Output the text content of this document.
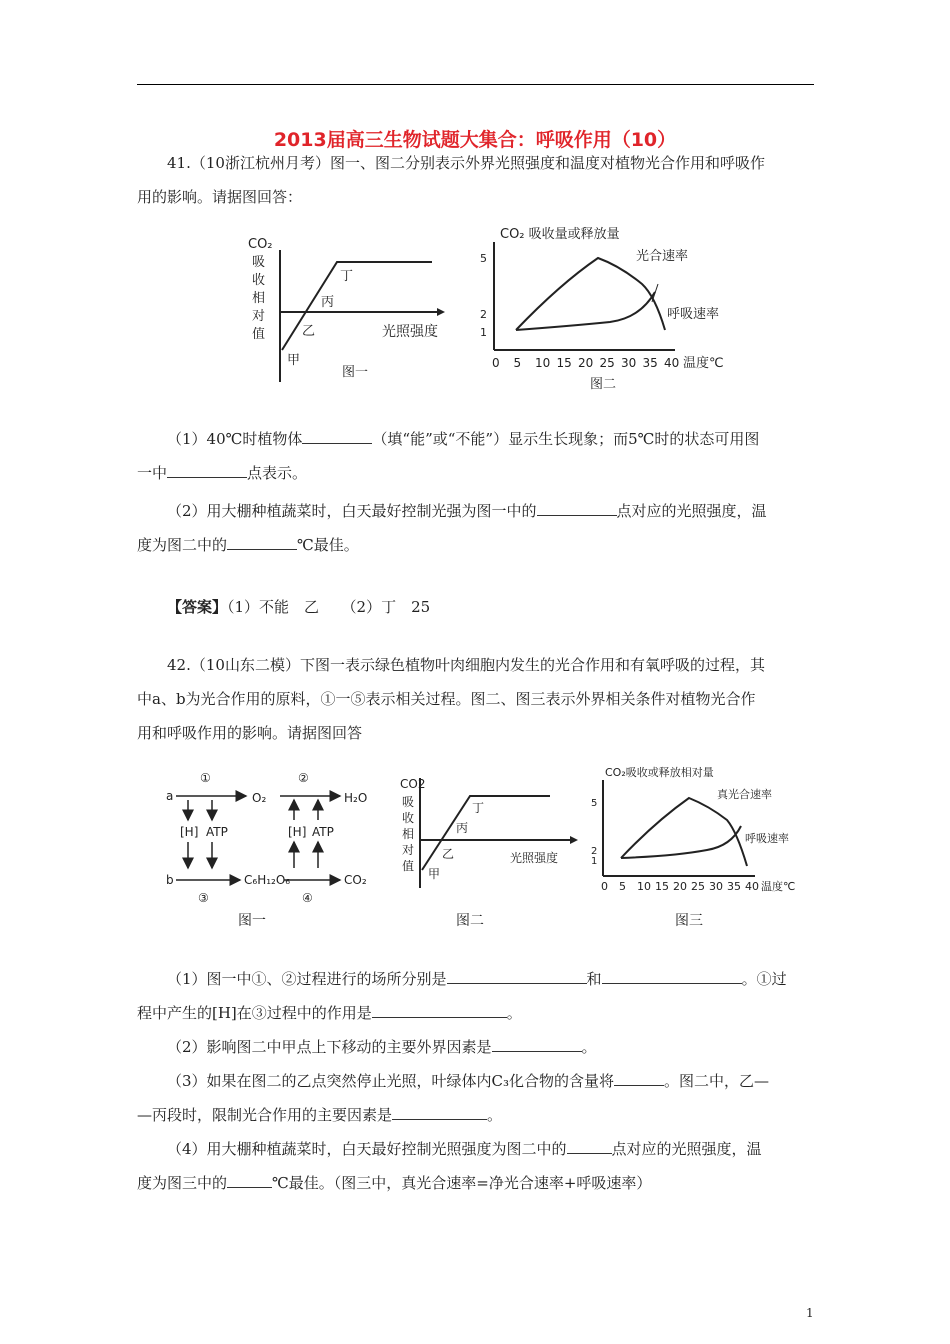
2013届高三生物试题大集合：呼吸作用（10）
41.（10浙江杭州月考）图一、图二分别表示外界光照强度和温度对植物光合作用和呼吸作
用的影响。请据图回答：
CO₂
吸
收
相
对
值	光照强度
甲
乙
丙
丁
图一
CO₂ 吸收量或释放量
5
2
1
0 5 10 15 20 25 30 35 40
光合速率
呼吸速率
温度℃
图二
（1）40℃时植物体	（填“能”或“不能”）显示生长现象；而5℃时的状态可用图
一中	点表示。
（2）用大棚种植蔬菜时，白天最好控制光强为图一中的	点对应的光照强度，温
度为图二中的	℃最佳。
【答案】（1）不能　乙　　（2）丁　25
42.（10山东二模）下图一表示绿色植物叶肉细胞内发生的光合作用和有氧呼吸的过程，其
中a、b为光合作用的原料，①一⑤表示相关过程。图二、图三表示外界相关条件对植物光合作
用和呼吸作用的影响。请据图回答
a
①
O₂
②
H₂O
[H] ATP	[H] ATP
b
③
C₆H₁₂O₆
④
CO₂
图一
CO2
吸
收
相
对
值
光照强度
甲
乙
丙
丁
图二
CO₂吸收或释放相对量
5
2
1
0 5 10 15 20 25 30 35 40
真光合速率
呼吸速率
温度℃
图三
（1）图一中①、②过程进行的场所分别是	和	。①过
程中产生的[H]在③过程中的作用是	。
（2）影响图二中甲点上下移动的主要外界因素是	。
（3）如果在图二的乙点突然停止光照，叶绿体内C₃化合物的含量将	。图二中，乙—
—丙段时，限制光合作用的主要因素是	。
（4）用大棚种植蔬菜时，白天最好控制光照强度为图二中的	点对应的光照强度，温
度为图三中的	℃最佳。（图三中，真光合速率=净光合速率+呼吸速率）
1
